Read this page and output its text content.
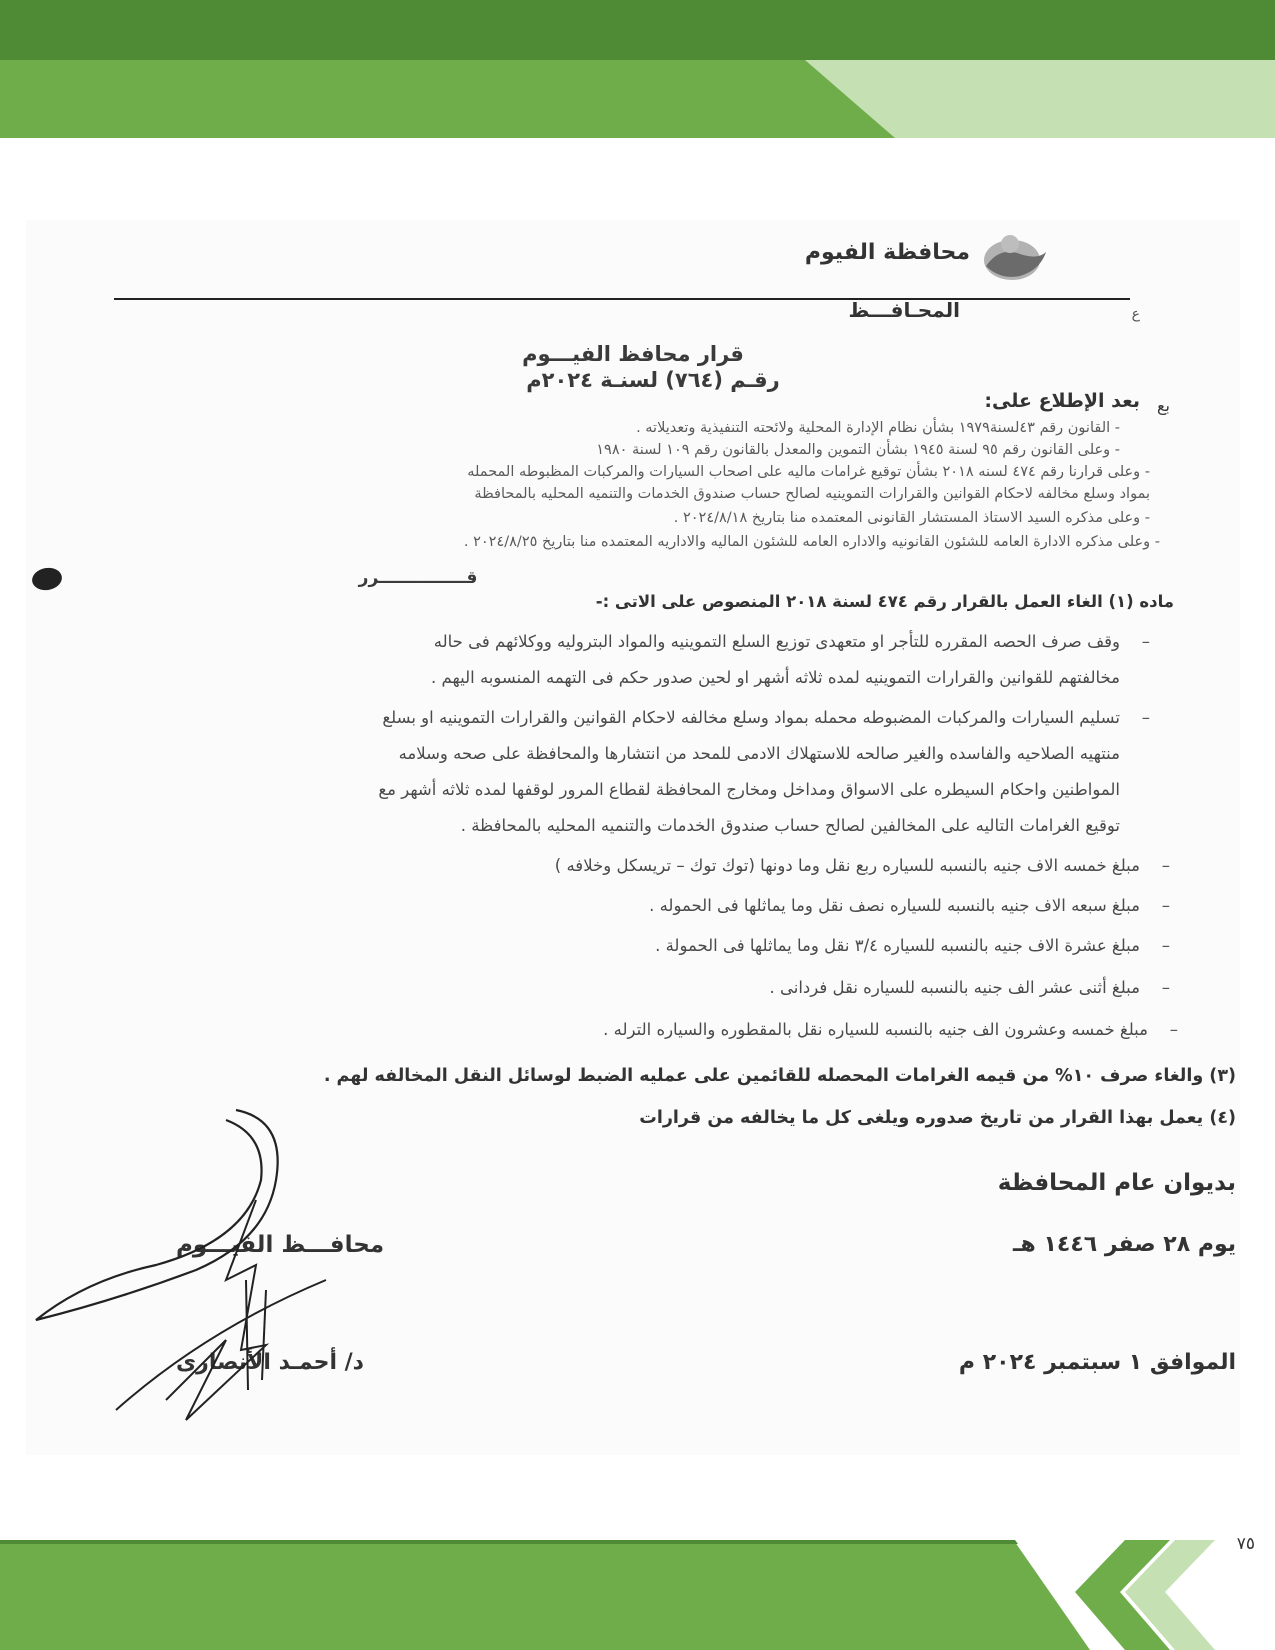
محافظة الفيوم
المحـافـــظ	ع
قرار محافظ الفيـــوم
رقـم (٧٦٤) لسنـة ٢٠٢٤م
بعد الإطلاع على: بع
- القانون رقم ٤٣لسنة١٩٧٩ بشأن نظام الإدارة المحلية ولائحته التنفيذية وتعديلاته .
- وعلى القانون رقم ٩٥ لسنة ١٩٤٥ بشأن التموين والمعدل بالقانون رقم ١٠٩ لسنة ١٩٨٠
- وعلى قرارنا رقم ٤٧٤ لسنه ٢٠١٨ بشأن توقيع غرامات ماليه على اصحاب السيارات والمركبات المظبوطه المحمله
بمواد وسلع مخالفه لاحكام القوانين والقرارات التموينيه لصالح حساب صندوق الخدمات والتنميه المحليه بالمحافظة
- وعلى مذكره السيد الاستاذ المستشار القانونى المعتمده منا بتاريخ ٢٠٢٤/٨/١٨ .
- وعلى مذكره الادارة العامه للشئون القانونيه والاداره العامه للشئون الماليه والاداريه المعتمده منا بتاريخ ٢٠٢٤/٨/٢٥ .
قـــــــــــــــرر
ماده (١) الغاء العمل بالقرار رقم ٤٧٤ لسنة ٢٠١٨ المنصوص على الاتى :-
–
وقف صرف الحصه المقرره للتأجر او متعهدى توزيع السلع التموينيه والمواد البتروليه ووكلائهم فى حاله
مخالفتهم للقوانين والقرارات التموينيه لمده ثلاثه أشهر او لحين صدور حكم فى التهمه المنسوبه اليهم .
–
تسليم السيارات والمركبات المضبوطه محمله بمواد وسلع مخالفه لاحكام القوانين والقرارات التموينيه او بسلع
منتهيه الصلاحيه والفاسده والغير صالحه للاستهلاك الادمى للمحد من انتشارها والمحافظة على صحه وسلامه
المواطنين واحكام السيطره على الاسواق ومداخل ومخارج المحافظة لقطاع المرور لوقفها لمده ثلاثه أشهر مع
توقيع الغرامات التاليه على المخالفين لصالح حساب صندوق الخدمات والتنميه المحليه بالمحافظة .
–
مبلغ خمسه الاف جنيه بالنسبه للسياره ربع نقل وما دونها (توك توك – تريسكل وخلافه )
–
مبلغ سبعه الاف جنيه بالنسبه للسياره نصف نقل وما يماثلها فى الحموله .
–
مبلغ عشرة الاف جنيه بالنسبه للسياره ٣/٤ نقل وما يماثلها فى الحمولة .
–
مبلغ أثنى عشر الف جنيه بالنسبه للسياره نقل فردانى .
–
مبلغ خمسه وعشرون الف جنيه بالنسبه للسياره نقل بالمقطوره والسياره الترله .
(٣) والغاء صرف ١٠% من قيمه الغرامات المحصله للقائمين على عمليه الضبط لوسائل النقل المخالفه لهم .
(٤) يعمل بهذا القرار من تاريخ صدوره ويلغى كل ما يخالفه من قرارات
بديوان عام المحافظة
يوم ٢٨ صفر ١٤٤٦ هـ
الموافق ١ سبتمبر ٢٠٢٤ م
محافـــظ الفيـــوم
د/ أحمـد الأنصارى
٧٥
